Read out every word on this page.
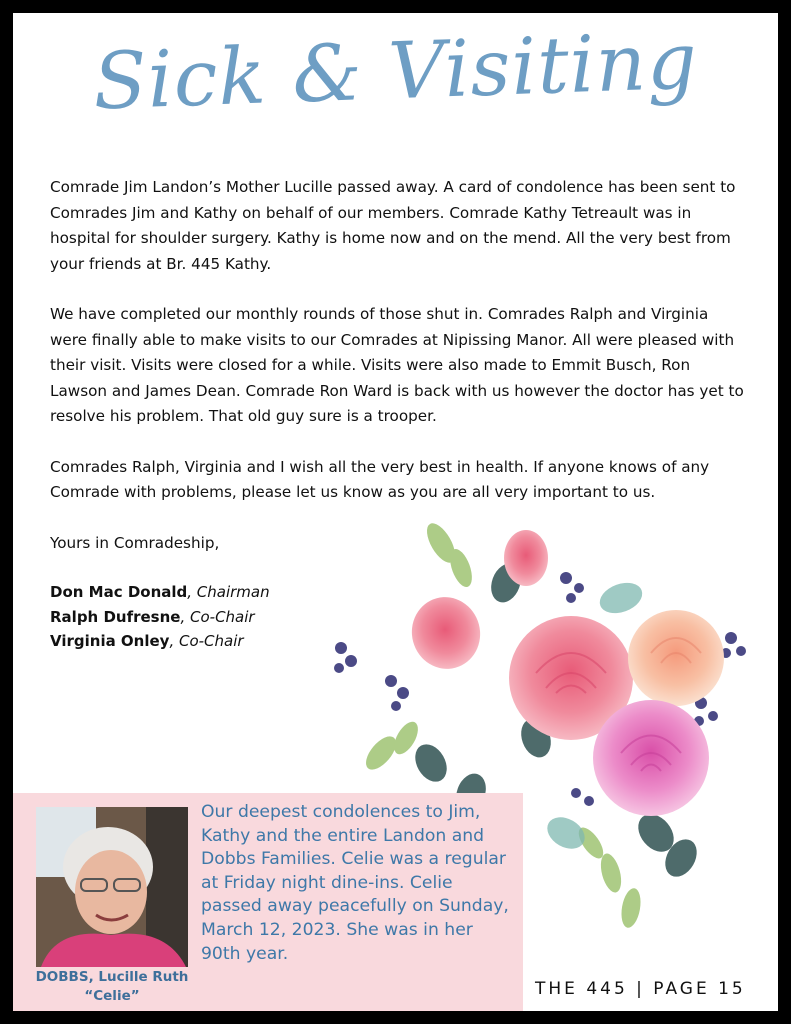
Sick & Visiting

Comrade Jim Landon’s Mother Lucille passed away. A card of condolence has been sent to Comrades Jim and Kathy on behalf of our members. Comrade Kathy Tetreault was in hospital for shoulder surgery. Kathy is home now and on the mend. All the very best from your friends at Br. 445 Kathy.

We have completed our monthly rounds of those shut in. Comrades Ralph and Virginia were finally able to make visits to our Comrades at Nipissing Manor. All were pleased with their visit. Visits were closed for a while. Visits were also made to Emmit Busch, Ron Lawson and James Dean. Comrade Ron Ward is back with us however the doctor has yet to resolve his problem. That old guy sure is a trooper.

Comrades Ralph, Virginia and I wish all the very best in health. If anyone knows of any Comrade with problems, please let us know as you are all very important to us.

Yours in Comradeship,

Don Mac Donald, Chairman
Ralph Dufresne, Co-Chair
Virginia Onley, Co-Chair
DOBBS, Lucille Ruth
“Celie”
Our deepest condolences to Jim, Kathy and the entire Landon and Dobbs Families. Celie was a regular at Friday night dine-ins. Celie passed away peacefully on Sunday, March 12, 2023. She was in her 90th year.
THE 445 | PAGE 15
